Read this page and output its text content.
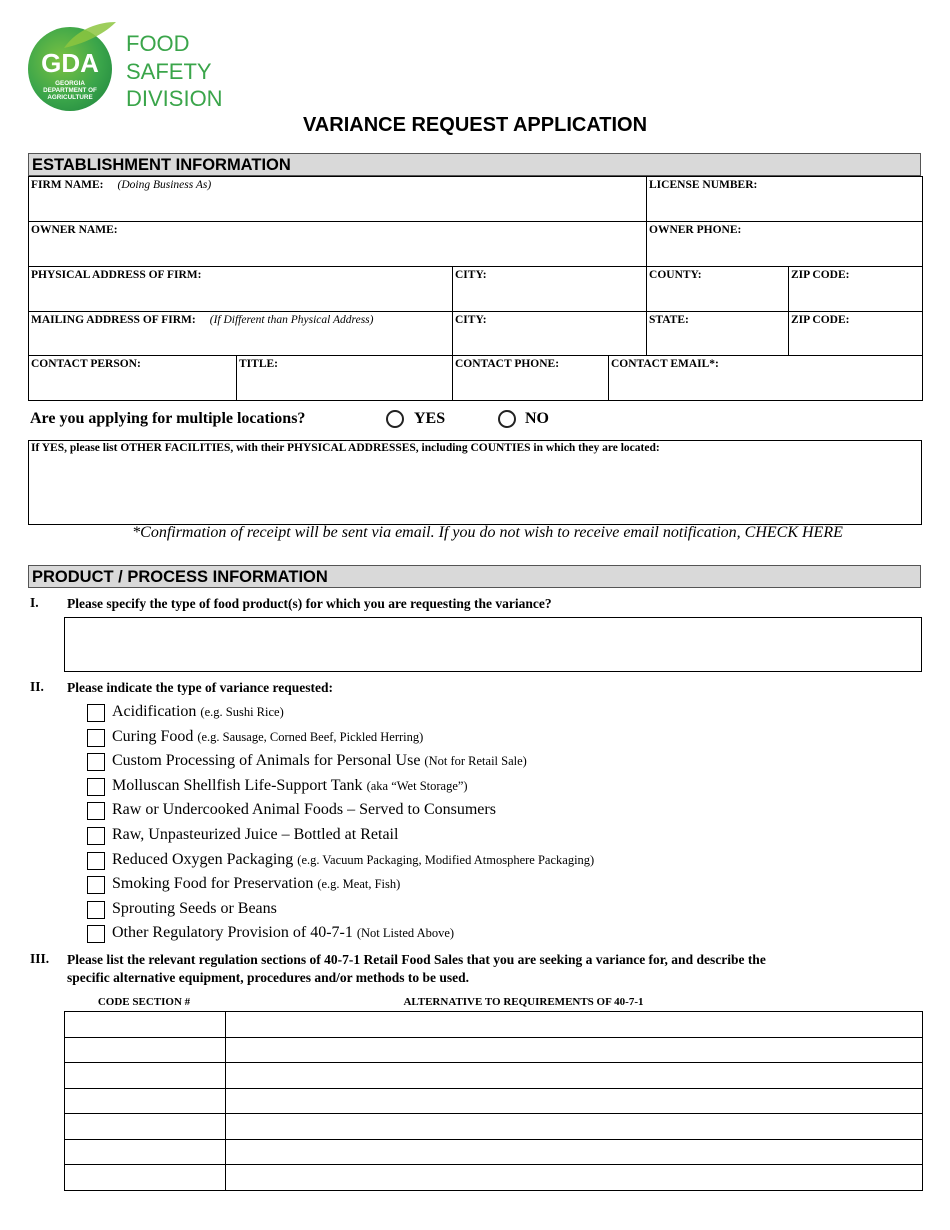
GDA
GEORGIA
DEPARTMENT OF
AGRICULTURE
FOOD
SAFETY
DIVISION
VARIANCE REQUEST APPLICATION
ESTABLISHMENT INFORMATION
FIRM NAME: (Doing Business As)				LICENSE NUMBER:	
OWNER NAME:				OWNER PHONE:	
PHYSICAL ADDRESS OF FIRM:		CITY:		COUNTY:	ZIP CODE:
MAILING ADDRESS OF FIRM: (If Different than Physical Address)		CITY:		STATE:	ZIP CODE:
CONTACT PERSON:	TITLE:	CONTACT PHONE:	CONTACT EMAIL*:		
Are you applying for multiple locations?	YES	NO
If YES, please list OTHER FACILITIES, with their PHYSICAL ADDRESSES, including COUNTIES in which they are located:
*Confirmation of receipt will be sent via email. If you do not wish to receive email notification, CHECK HERE
PRODUCT / PROCESS INFORMATION
I. Please specify the type of food product(s) for which you are requesting the variance?
II. Please indicate the type of variance requested:
Acidification (e.g. Sushi Rice)
Curing Food (e.g. Sausage, Corned Beef, Pickled Herring)
Custom Processing of Animals for Personal Use (Not for Retail Sale)
Molluscan Shellfish Life-Support Tank (aka “Wet Storage”)
Raw or Undercooked Animal Foods – Served to Consumers
Raw, Unpasteurized Juice – Bottled at Retail
Reduced Oxygen Packaging (e.g. Vacuum Packaging, Modified Atmosphere Packaging)
Smoking Food for Preservation (e.g. Meat, Fish)
Sprouting Seeds or Beans
Other Regulatory Provision of 40-7-1 (Not Listed Above)
III. Please list the relevant regulation sections of 40-7-1 Retail Food Sales that you are seeking a variance for, and describe the
specific alternative equipment, procedures and/or methods to be used.
CODE SECTION #	ALTERNATIVE TO REQUIREMENTS OF 40-7-1
